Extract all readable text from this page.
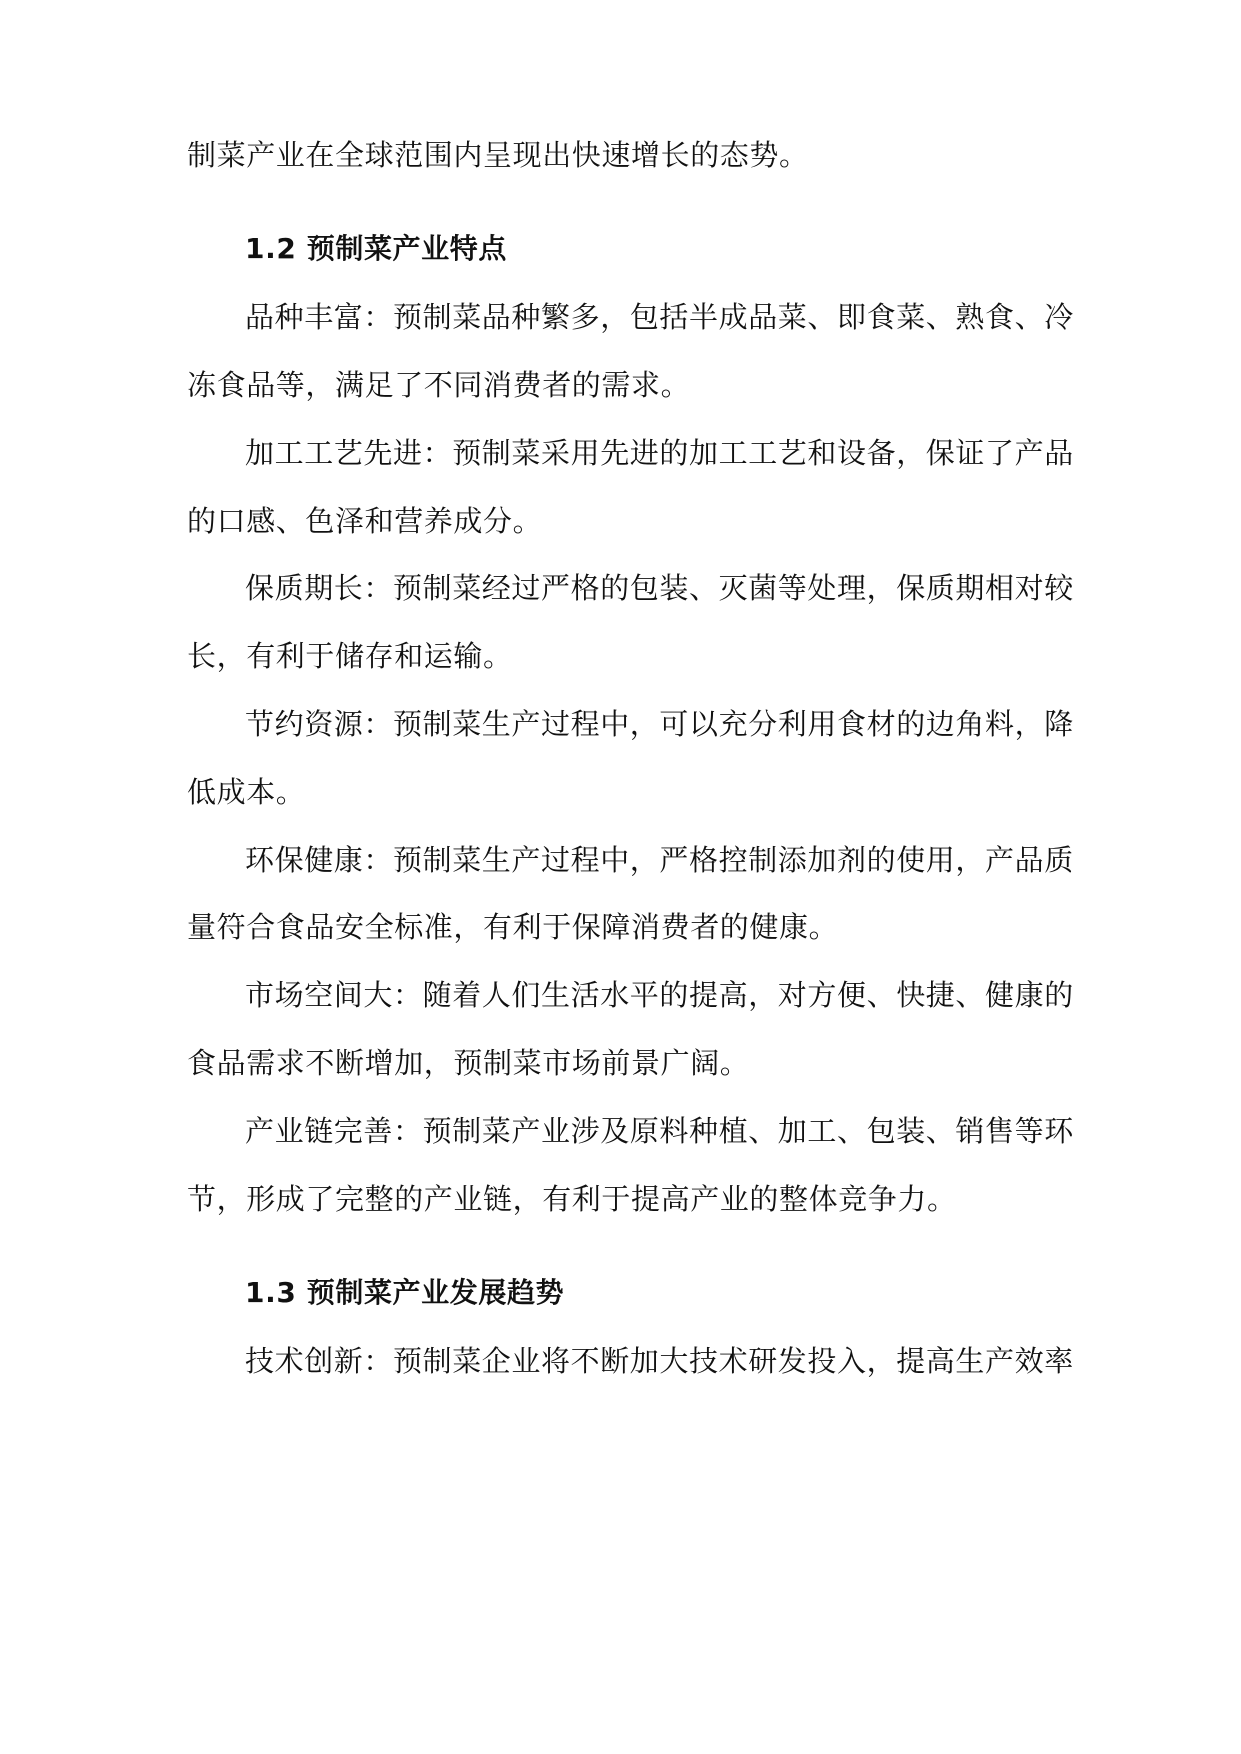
制菜产业在全球范围内呈现出快速增长的态势。
1.2 预制菜产业特点
品种丰富：预制菜品种繁多，包括半成品菜、即食菜、熟食、冷
冻食品等，满足了不同消费者的需求。
加工工艺先进：预制菜采用先进的加工工艺和设备，保证了产品
的口感、色泽和营养成分。
保质期长：预制菜经过严格的包装、灭菌等处理，保质期相对较
长，有利于储存和运输。
节约资源：预制菜生产过程中，可以充分利用食材的边角料，降
低成本。
环保健康：预制菜生产过程中，严格控制添加剂的使用，产品质
量符合食品安全标准，有利于保障消费者的健康。
市场空间大：随着人们生活水平的提高，对方便、快捷、健康的
食品需求不断增加，预制菜市场前景广阔。
产业链完善：预制菜产业涉及原料种植、加工、包装、销售等环
节，形成了完整的产业链，有利于提高产业的整体竞争力。
1.3 预制菜产业发展趋势
技术创新：预制菜企业将不断加大技术研发投入，提高生产效率
